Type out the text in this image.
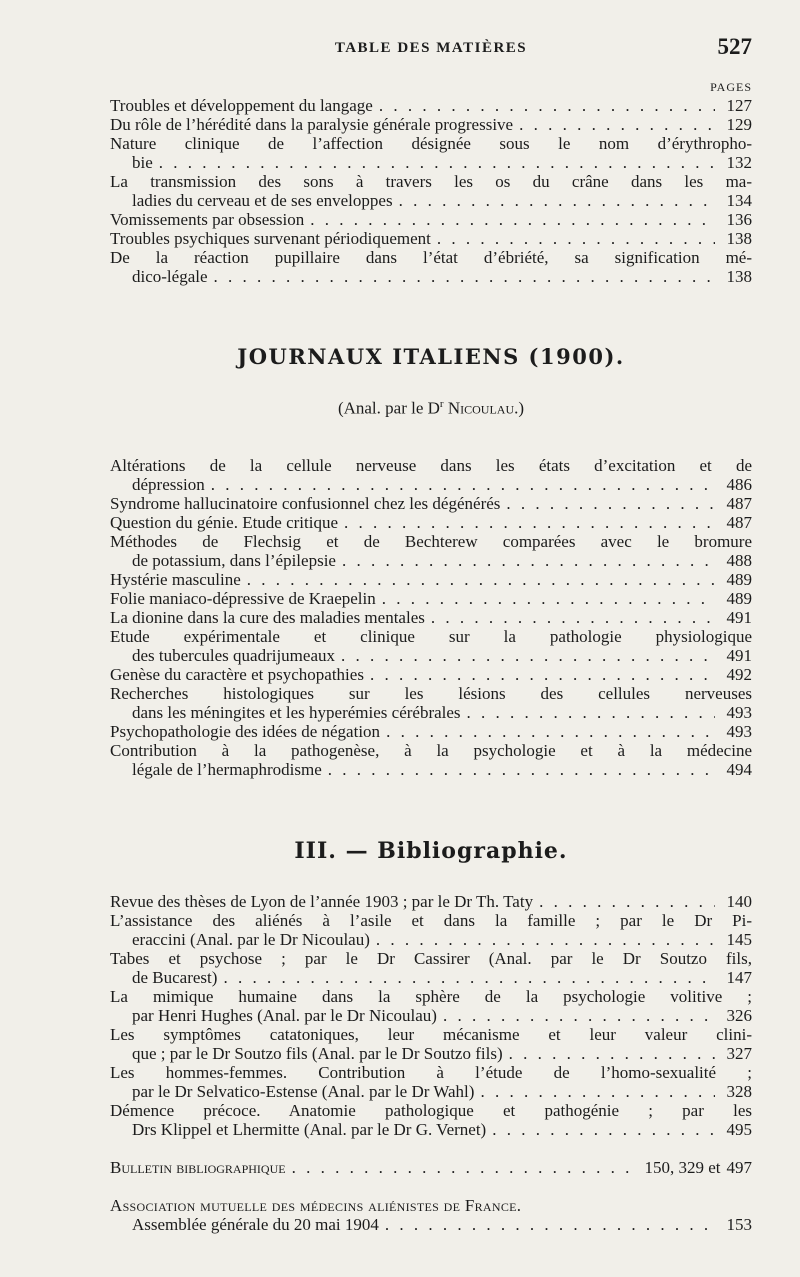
TABLE DES MATIÈRES	527
PAGES
Troubles et développement du langage . . .	127
Du rôle de l’hérédité dans la paralysie générale progressive . . .	129
Nature clinique de l’affection désignée sous le nom d’érythropho-
bie . . .	132
La transmission des sons à travers les os du crâne dans les ma-
ladies du cerveau et de ses enveloppes . . .	134
Vomissements par obsession . . .	136
Troubles psychiques survenant périodiquement . . .	138
De la réaction pupillaire dans l’état d’ébriété, sa signification mé-
dico-légale . . .	138
JOURNAUX ITALIENS (1900).
(Anal. par le $D^r$ Nicoulau.)
Altérations de la cellule nerveuse dans les états d’excitation et de
dépression . . .	486
Syndrome hallucinatoire confusionnel chez les dégénérés . . .	487
Question du génie. Etude critique . . .	487
Méthodes de Flechsig et de Bechterew comparées avec le bromure
de potassium, dans l’épilepsie . . .	488
Hystérie masculine . . .	489
Folie maniaco-dépressive de Kraepelin . . .	489
La dionine dans la cure des maladies mentales . . .	491
Etude expérimentale et clinique sur la pathologie physiologique
des tubercules quadrijumeaux . . .	491
Genèse du caractère et psychopathies . . .	492
Recherches histologiques sur les lésions des cellules nerveuses
dans les méningites et les hyperémies cérébrales . . .	493
Psychopathologie des idées de négation . . .	493
Contribution à la pathogenèse, à la psychologie et à la médecine
légale de l’hermaphrodisme . . .	494
III. — Bibliographie.
Revue des thèses de Lyon de l’année 1903 ; par le Dr Th. Taty . . .	140
L’assistance des aliénés à l’asile et dans la famille ; par le Dr Pi-
eraccini (Anal. par le Dr Nicoulau) . . .	145
Tabes et psychose ; par le Dr Cassirer (Anal. par le Dr Soutzo fils,
de Bucarest) . . .	147
La mimique humaine dans la sphère de la psychologie volitive ;
par Henri Hughes (Anal. par le Dr Nicoulau) . . .	326
Les symptômes catatoniques, leur mécanisme et leur valeur clini-
que ; par le Dr Soutzo fils (Anal. par le Dr Soutzo fils) . . .	327
Les hommes-femmes. Contribution à l’étude de l’homo-sexualité ;
par le Dr Selvatico-Estense (Anal. par le Dr Wahl) . . .	328
Démence précoce. Anatomie pathologique et pathogénie ; par les
Drs Klippel et Lhermitte (Anal. par le Dr G. Vernet) . . .	495
Bulletin bibliographique . . .	150, 329 et 497
Association mutuelle des médecins aliénistes de France.
Assemblée générale du 20 mai 1904 . . .	153
